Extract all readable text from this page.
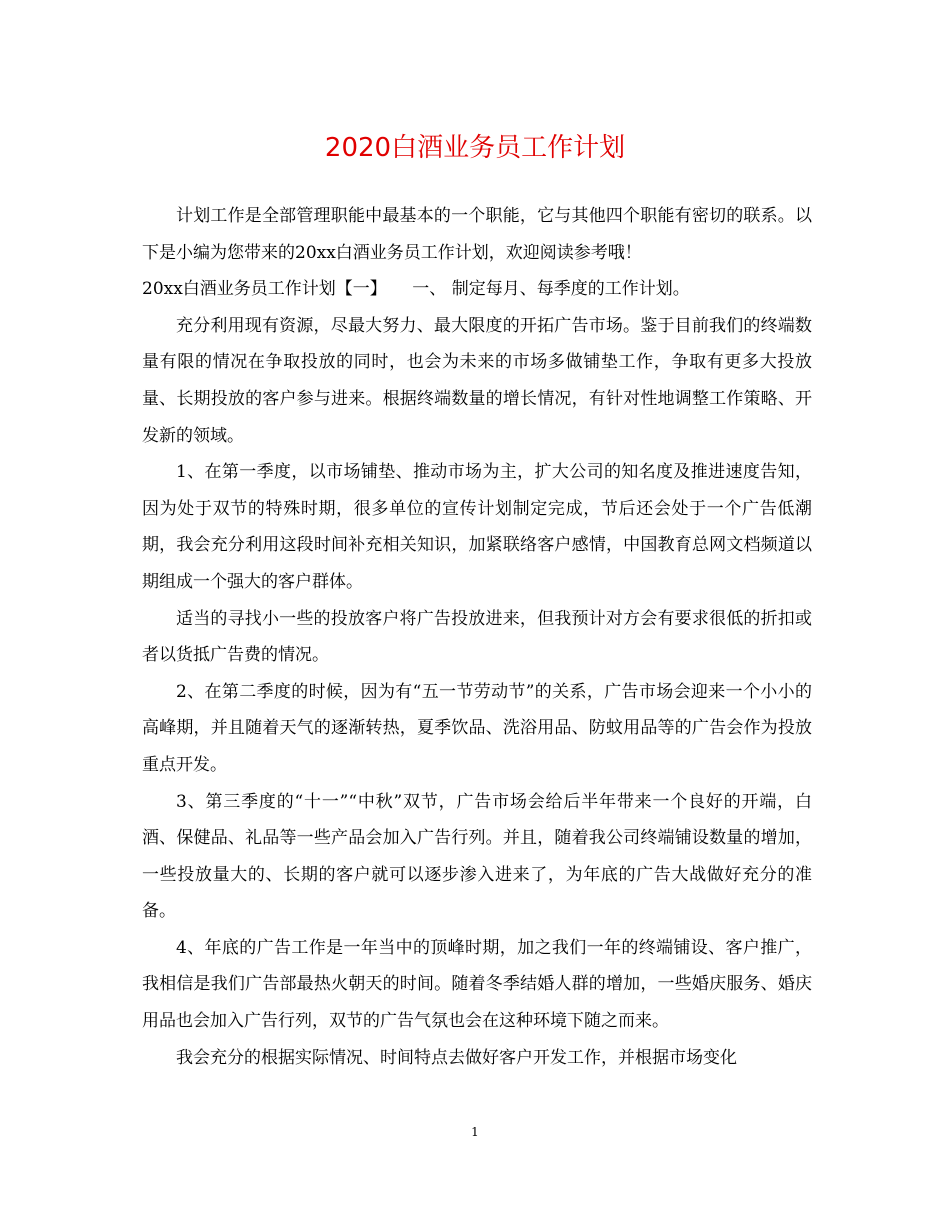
2020白酒业务员工作计划

计划工作是全部管理职能中最基本的一个职能，它与其他四个职能有密切的联系。以下是小编为您带来的20xx白酒业务员工作计划，欢迎阅读参考哦！

20xx白酒业务员工作计划【一】　　一、 制定每月、每季度的工作计划。

充分利用现有资源，尽最大努力、最大限度的开拓广告市场。鉴于目前我们的终端数量有限的情况在争取投放的同时，也会为未来的市场多做铺垫工作，争取有更多大投放量、长期投放的客户参与进来。根据终端数量的增长情况，有针对性地调整工作策略、开发新的领域。

1、在第一季度，以市场铺垫、推动市场为主，扩大公司的知名度及推进速度告知，因为处于双节的特殊时期，很多单位的宣传计划制定完成，节后还会处于一个广告低潮期，我会充分利用这段时间补充相关知识，加紧联络客户感情，中国教育总网文档频道以期组成一个强大的客户群体。

适当的寻找小一些的投放客户将广告投放进来，但我预计对方会有要求很低的折扣或者以货抵广告费的情况。

2、在第二季度的时候，因为有“五一节劳动节”的关系，广告市场会迎来一个小小的高峰期，并且随着天气的逐渐转热，夏季饮品、洗浴用品、防蚊用品等的广告会作为投放重点开发。

3、第三季度的“十一”“中秋”双节，广告市场会给后半年带来一个良好的开端，白酒、保健品、礼品等一些产品会加入广告行列。并且，随着我公司终端铺设数量的增加，一些投放量大的、长期的客户就可以逐步渗入进来了，为年底的广告大战做好充分的准备。

4、年底的广告工作是一年当中的顶峰时期，加之我们一年的终端铺设、客户推广，我相信是我们广告部最热火朝天的时间。随着冬季结婚人群的增加，一些婚庆服务、婚庆用品也会加入广告行列，双节的广告气氛也会在这种环境下随之而来。

我会充分的根据实际情况、时间特点去做好客户开发工作，并根据市场变化

1
